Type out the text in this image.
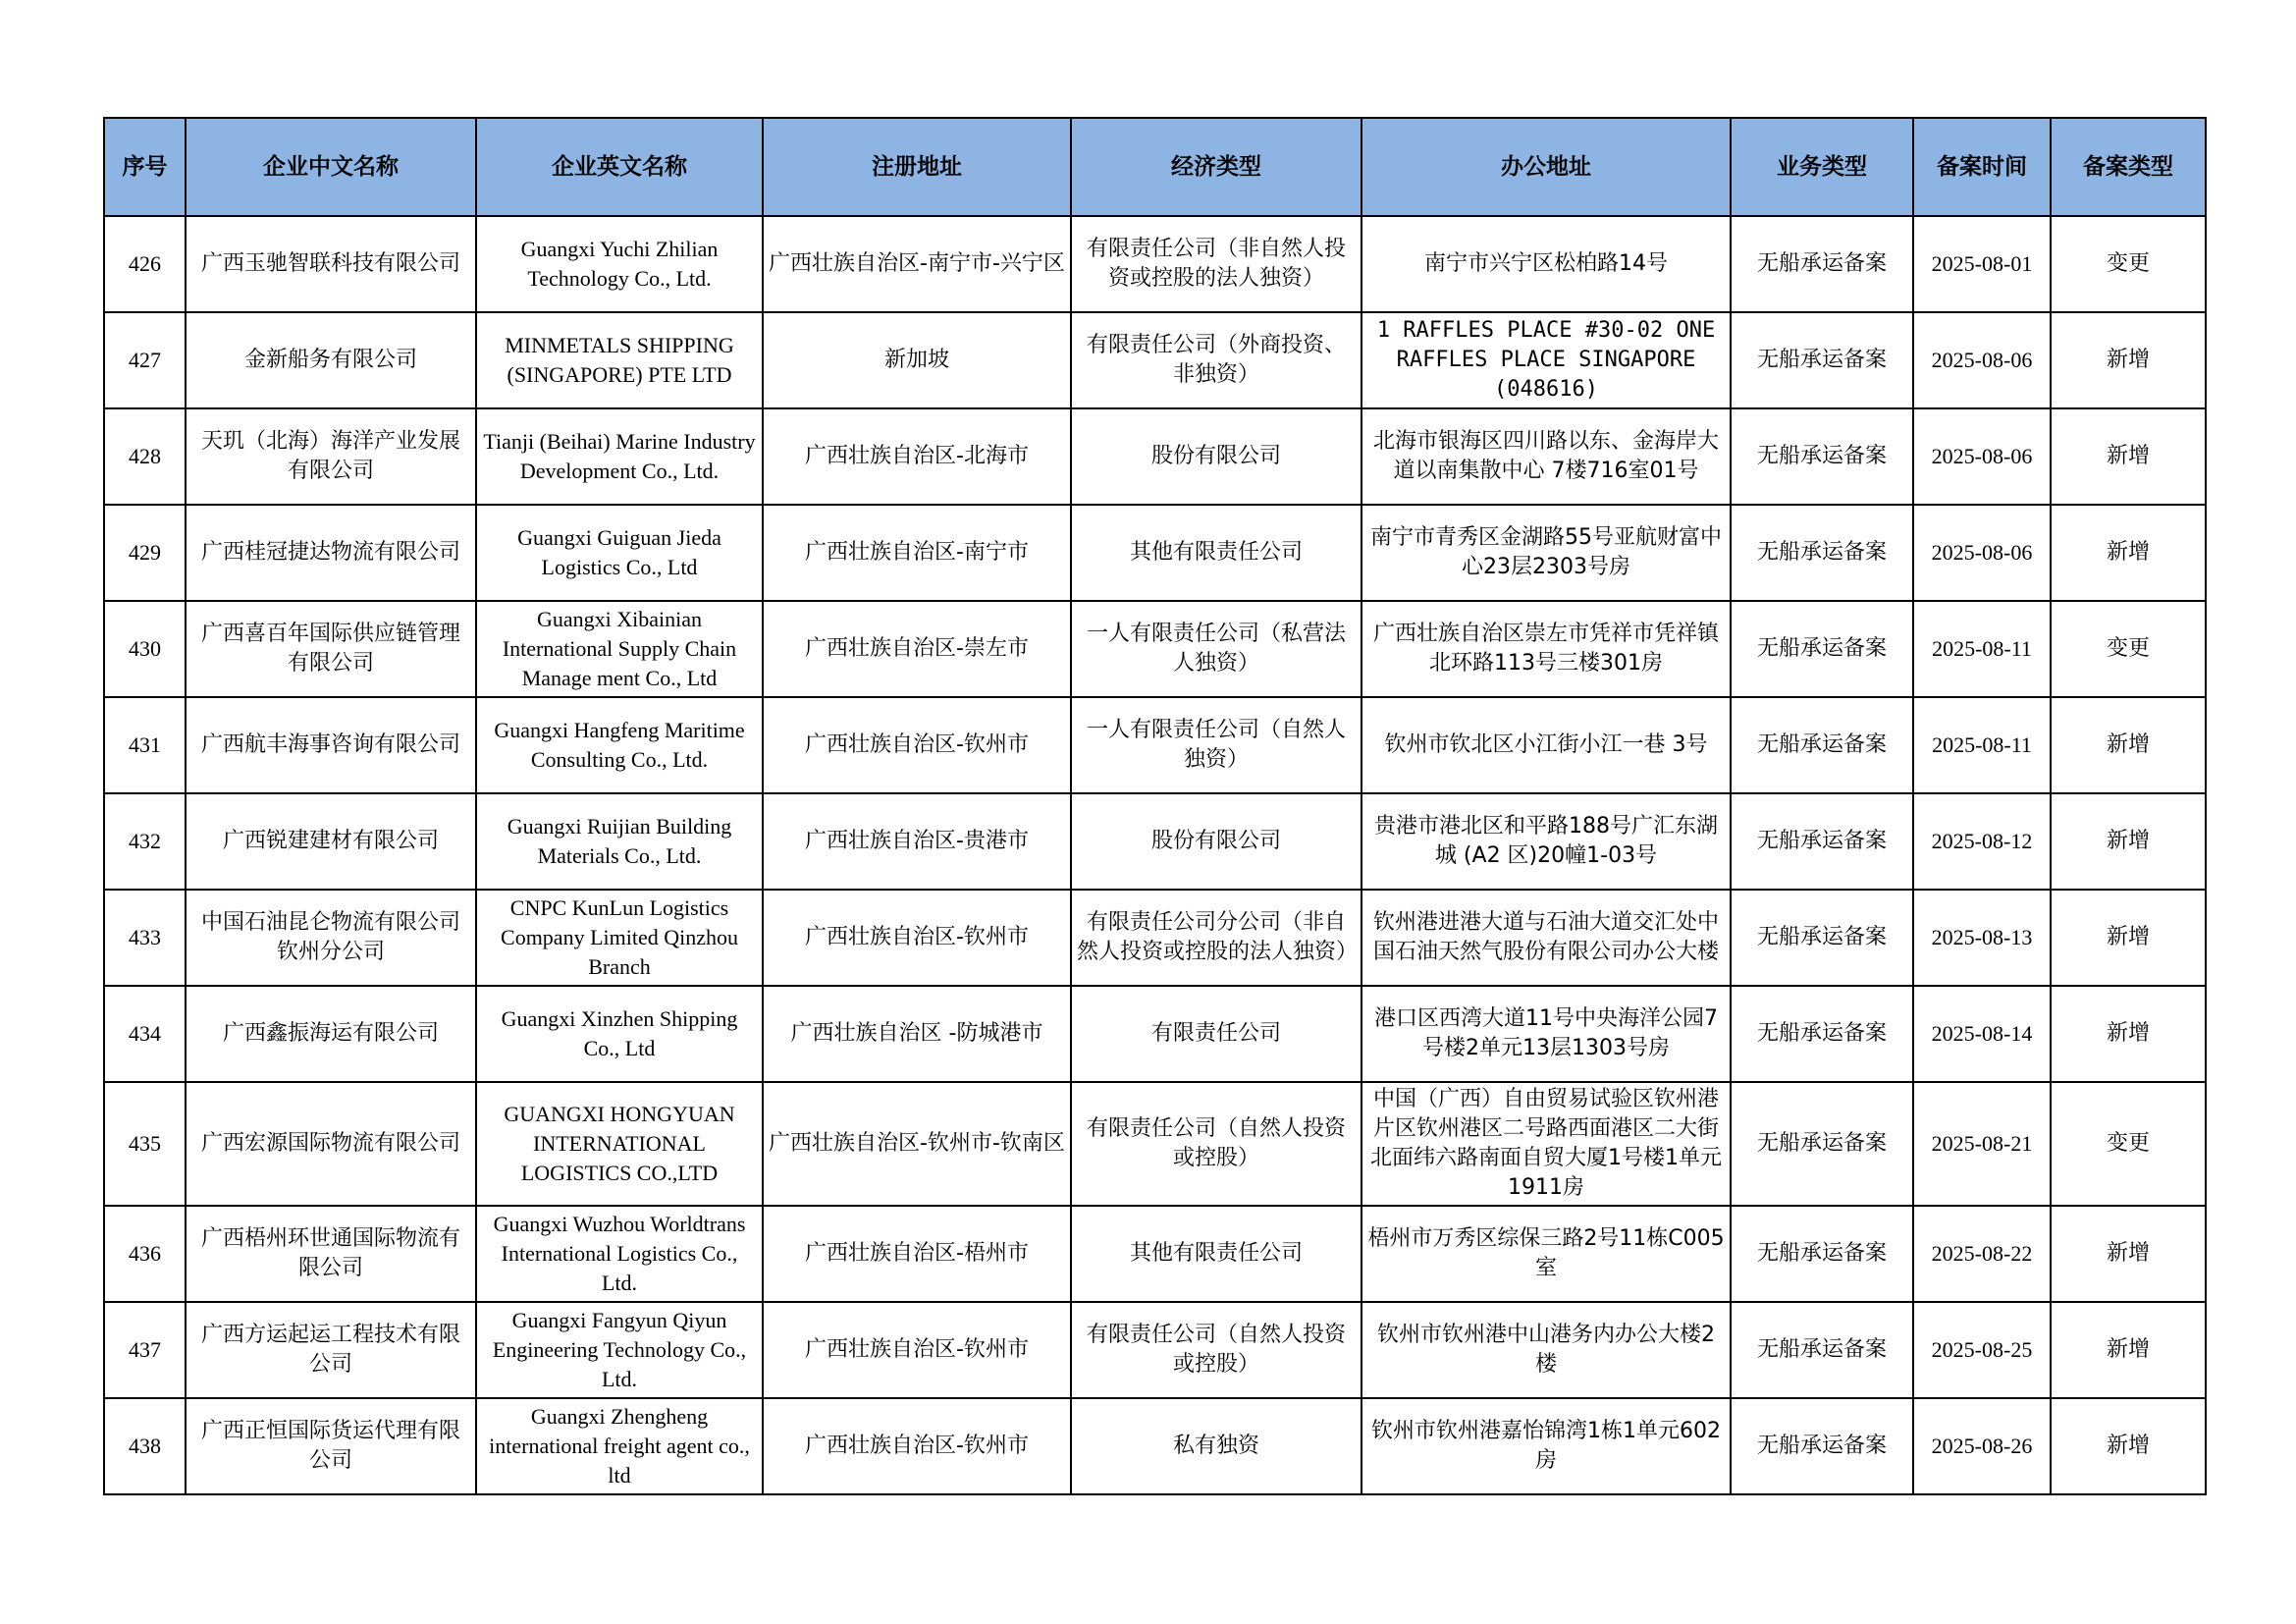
序号	企业中文名称	企业英文名称	注册地址	经济类型	办公地址	业务类型	备案时间	备案类型
426	广西玉驰智联科技有限公司	Guangxi Yuchi Zhilian Technology Co., Ltd.	广西壮族自治区-南宁市-兴宁区	有限责任公司（非自然人投资或控股的法人独资）	南宁市兴宁区松柏路14号	无船承运备案	2025-08-01	变更
427	金新船务有限公司	MINMETALS SHIPPING (SINGAPORE) PTE LTD	新加坡	有限责任公司（外商投资、非独资）	1 RAFFLES PLACE #30-02 ONE RAFFLES PLACE SINGAPORE (048616)	无船承运备案	2025-08-06	新增
428	天玑（北海）海洋产业发展有限公司	Tianji (Beihai) Marine Industry Development Co., Ltd.	广西壮族自治区-北海市	股份有限公司	北海市银海区四川路以东、金海岸大道以南集散中心 7楼716室01号	无船承运备案	2025-08-06	新增
429	广西桂冠捷达物流有限公司	Guangxi Guiguan Jieda Logistics Co., Ltd	广西壮族自治区-南宁市	其他有限责任公司	南宁市青秀区金湖路55号亚航财富中心23层2303号房	无船承运备案	2025-08-06	新增
430	广西喜百年国际供应链管理有限公司	Guangxi Xibainian International Supply Chain Manage ment Co., Ltd	广西壮族自治区-崇左市	一人有限责任公司（私营法人独资）	广西壮族自治区崇左市凭祥市凭祥镇北环路113号三楼301房	无船承运备案	2025-08-11	变更
431	广西航丰海事咨询有限公司	Guangxi Hangfeng Maritime Consulting Co., Ltd.	广西壮族自治区-钦州市	一人有限责任公司（自然人独资）	钦州市钦北区小江街小江一巷 3号	无船承运备案	2025-08-11	新增
432	广西锐建建材有限公司	Guangxi Ruijian Building Materials Co., Ltd.	广西壮族自治区-贵港市	股份有限公司	贵港市港北区和平路188号广汇东湖城 (A2 区)20幢1-03号	无船承运备案	2025-08-12	新增
433	中国石油昆仑物流有限公司钦州分公司	CNPC KunLun Logistics Company Limited Qinzhou Branch	广西壮族自治区-钦州市	有限责任公司分公司（非自然人投资或控股的法人独资）	钦州港进港大道与石油大道交汇处中国石油天然气股份有限公司办公大楼	无船承运备案	2025-08-13	新增
434	广西鑫振海运有限公司	Guangxi Xinzhen Shipping Co., Ltd	广西壮族自治区 -防城港市	有限责任公司	港口区西湾大道11号中央海洋公园7号楼2单元13层1303号房	无船承运备案	2025-08-14	新增
435	广西宏源国际物流有限公司	GUANGXI HONGYUAN INTERNATIONAL LOGISTICS CO.,LTD	广西壮族自治区-钦州市-钦南区	有限责任公司（自然人投资或控股）	中国（广西）自由贸易试验区钦州港片区钦州港区二号路西面港区二大街北面纬六路南面自贸大厦1号楼1单元1911房	无船承运备案	2025-08-21	变更
436	广西梧州环世通国际物流有限公司	Guangxi Wuzhou Worldtrans International Logistics Co., Ltd.	广西壮族自治区-梧州市	其他有限责任公司	梧州市万秀区综保三路2号11栋C005室	无船承运备案	2025-08-22	新增
437	广西方运起运工程技术有限公司	Guangxi Fangyun Qiyun Engineering Technology Co., Ltd.	广西壮族自治区-钦州市	有限责任公司（自然人投资或控股）	钦州市钦州港中山港务内办公大楼2楼	无船承运备案	2025-08-25	新增
438	广西正恒国际货运代理有限公司	Guangxi Zhengheng international freight agent co., ltd	广西壮族自治区-钦州市	私有独资	钦州市钦州港嘉怡锦湾1栋1单元602房	无船承运备案	2025-08-26	新增
